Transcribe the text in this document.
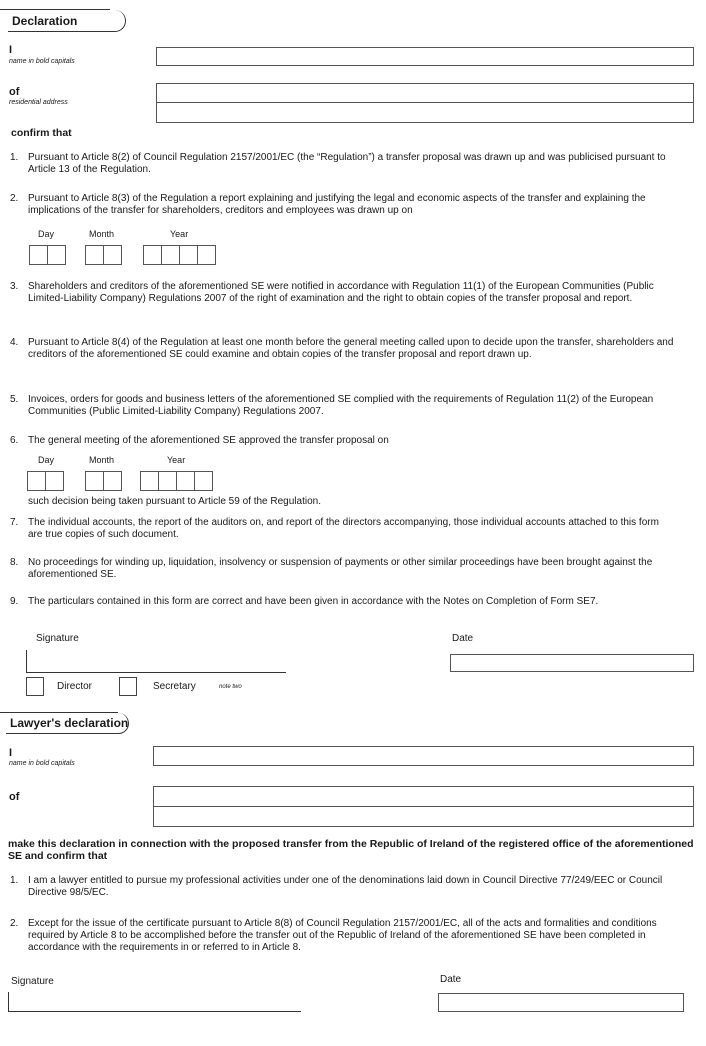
Declaration
I
name in bold capitals
of
residential address
confirm that
1. Pursuant to Article 8(2) of Council Regulation 2157/2001/EC (the “Regulation”) a transfer proposal was drawn up and was publicised pursuant to Article 13 of the Regulation.
2. Pursuant to Article 8(3) of the Regulation a report explaining and justifying the legal and economic aspects of the transfer and explaining the implications of the transfer for shareholders, creditors and employees was drawn up on
Day	Month	Year
3. Shareholders and creditors of the aforementioned SE were notified in accordance with Regulation 11(1) of the European Communities (Public Limited-Liability Company) Regulations 2007 of the right of examination and the right to obtain copies of the transfer proposal and report.
4. Pursuant to Article 8(4) of the Regulation at least one month before the general meeting called upon to decide upon the transfer, shareholders and creditors of the aforementioned SE could examine and obtain copies of the transfer proposal and report drawn up.
5. Invoices, orders for goods and business letters of the aforementioned SE complied with the requirements of Regulation 11(2) of the European Communities (Public Limited-Liability Company) Regulations 2007.
6. The general meeting of the aforementioned SE approved the transfer proposal on
Day	Month	Year
such decision being taken pursuant to Article 59 of the Regulation.
7. The individual accounts, the report of the auditors on, and report of the directors accompanying, those individual accounts attached to this form are true copies of such document.
8. No proceedings for winding up, liquidation, insolvency or suspension of payments or other similar proceedings have been brought against the aforementioned SE.
9. The particulars contained in this form are correct and have been given in accordance with the Notes on Completion of Form SE7.
Signature	Date
Director	Secretary	note two
Lawyer's declaration
I
name in bold capitals
of
make this declaration in connection with the proposed transfer from the Republic of Ireland of the registered office of the aforementioned SE and confirm that
1. I am a lawyer entitled to pursue my professional activities under one of the denominations laid down in Council Directive 77/249/EEC or Council Directive 98/5/EC.
2. Except for the issue of the certificate pursuant to Article 8(8) of Council Regulation 2157/2001/EC, all of the acts and formalities and conditions required by Article 8 to be accomplished before the transfer out of the Republic of Ireland of the aforementioned SE have been completed in accordance with the requirements in or referred to in Article 8.
Signature	Date
